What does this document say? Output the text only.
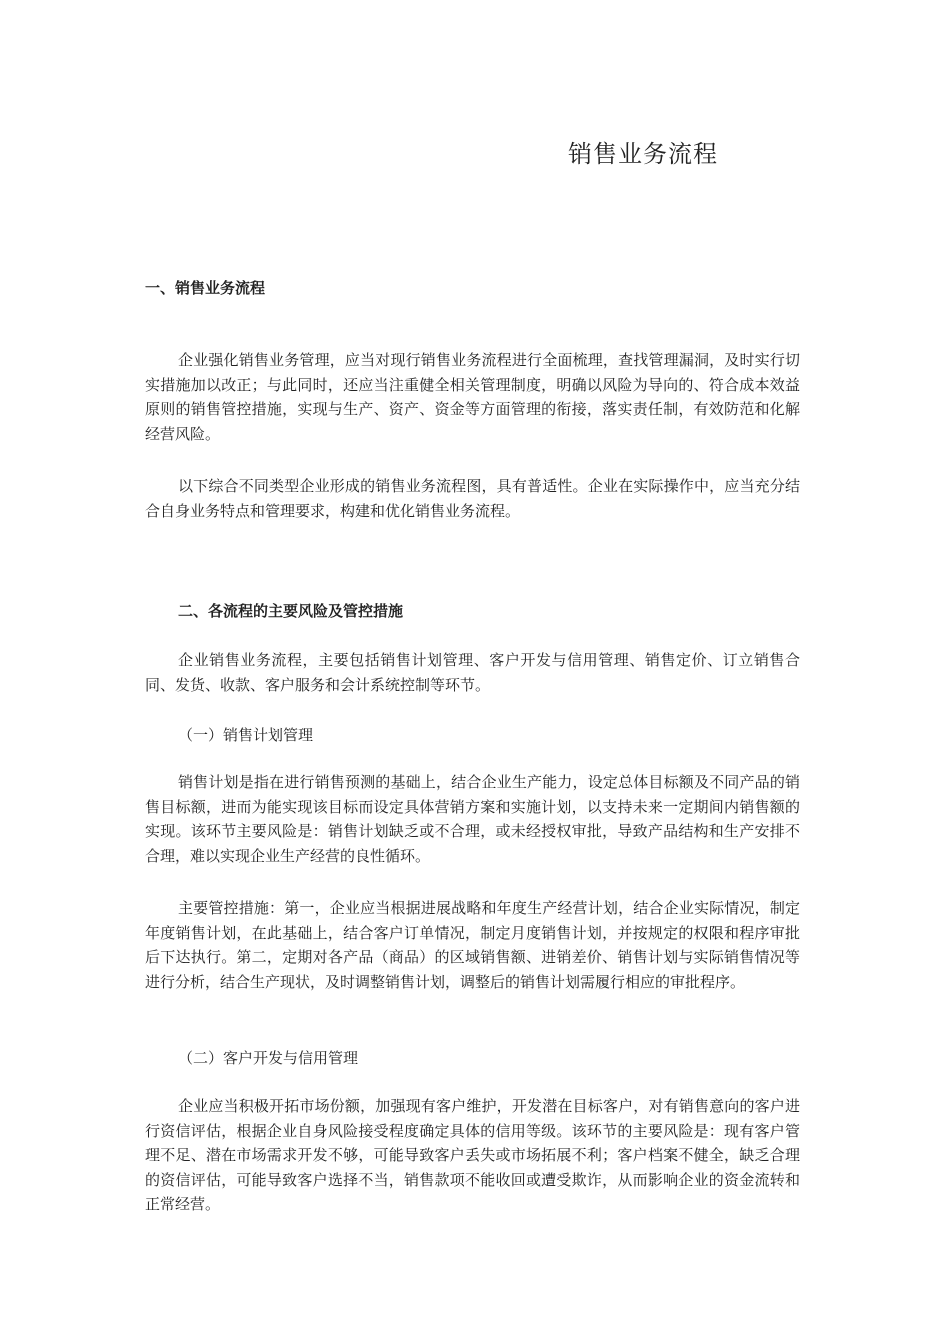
销售业务流程
一、销售业务流程

企业强化销售业务管理，应当对现行销售业务流程进行全面梳理，查找管理漏洞，及时实行切实措施加以改正；与此同时，还应当注重健全相关管理制度，明确以风险为导向的、符合成本效益原则的销售管控措施，实现与生产、资产、资金等方面管理的衔接，落实责任制，有效防范和化解经营风险。

以下综合不同类型企业形成的销售业务流程图，具有普适性。企业在实际操作中，应当充分结合自身业务特点和管理要求，构建和优化销售业务流程。

二、各流程的主要风险及管控措施

企业销售业务流程，主要包括销售计划管理、客户开发与信用管理、销售定价、订立销售合同、发货、收款、客户服务和会计系统控制等环节。

（一）销售计划管理

销售计划是指在进行销售预测的基础上，结合企业生产能力，设定总体目标额及不同产品的销售目标额，进而为能实现该目标而设定具体营销方案和实施计划，以支持未来一定期间内销售额的实现。该环节主要风险是：销售计划缺乏或不合理，或未经授权审批，导致产品结构和生产安排不合理，难以实现企业生产经营的良性循环。

主要管控措施：第一，企业应当根据进展战略和年度生产经营计划，结合企业实际情况，制定年度销售计划，在此基础上，结合客户订单情况，制定月度销售计划，并按规定的权限和程序审批后下达执行。第二，定期对各产品（商品）的区域销售额、进销差价、销售计划与实际销售情况等进行分析，结合生产现状，及时调整销售计划，调整后的销售计划需履行相应的审批程序。

（二）客户开发与信用管理

企业应当积极开拓市场份额，加强现有客户维护，开发潜在目标客户，对有销售意向的客户进行资信评估，根据企业自身风险接受程度确定具体的信用等级。该环节的主要风险是：现有客户管理不足、潜在市场需求开发不够，可能导致客户丢失或市场拓展不利；客户档案不健全，缺乏合理的资信评估，可能导致客户选择不当，销售款项不能收回或遭受欺诈，从而影响企业的资金流转和正常经营。
